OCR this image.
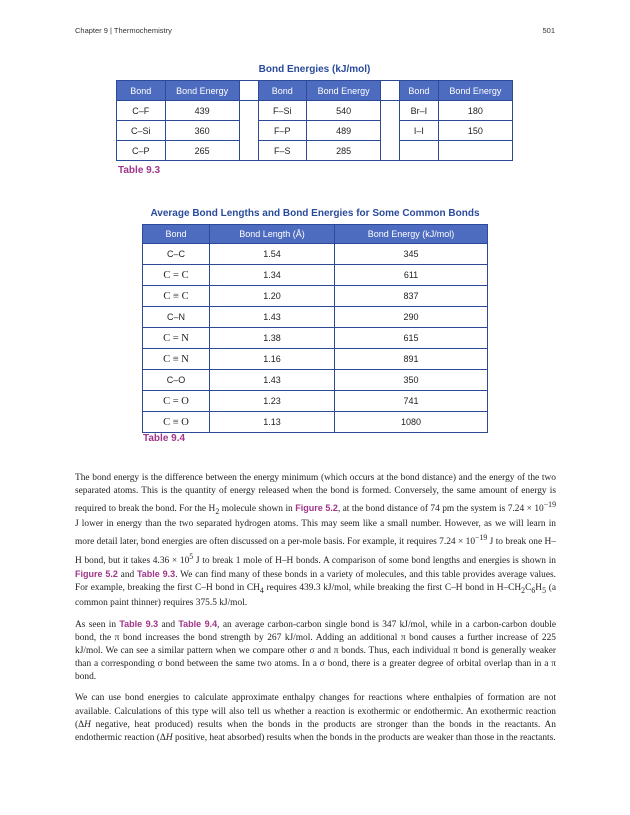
Chapter 9 | Thermochemistry	501
Bond Energies (kJ/mol)
Bond	Bond Energy		Bond	Bond Energy		Bond	Bond Energy
C–F	439		F–Si	540		Br–I	180
C–Si	360		F–P	489		I–I	150
C–P	265		F–S	285			
Table 9.3
Average Bond Lengths and Bond Energies for Some Common Bonds
Bond	Bond Length (Å)	Bond Energy (kJ/mol)
C–C	1.54	345
C = C	1.34	611
C ≡ C	1.20	837
C–N	1.43	290
C = N	1.38	615
C ≡ N	1.16	891
C–O	1.43	350
C = O	1.23	741
C ≡ O	1.13	1080
Table 9.4

The bond energy is the difference between the energy minimum (which occurs at the bond distance) and the energy of the two separated atoms. This is the quantity of energy released when the bond is formed. Conversely, the same amount of energy is required to break the bond. For the $H_2$ molecule shown in Figure 5.2, at the bond distance of 74 pm the system is $7.24 \times 10^{-19}$ J lower in energy than the two separated hydrogen atoms. This may seem like a small number. However, as we will learn in more detail later, bond energies are often discussed on a per-mole basis. For example, it requires $7.24 \times 10^{-19}$ J to break one H–H bond, but it takes $4.36 \times 10^5$ J to break 1 mole of H–H bonds. A comparison of some bond lengths and energies is shown in Figure 5.2 and Table 9.3. We can find many of these bonds in a variety of molecules, and this table provides average values. For example, breaking the first C–H bond in $CH_4$ requires 439.3 kJ/mol, while breaking the first C–H bond in $H-CH_2C_6H_5$ (a common paint thinner) requires 375.5 kJ/mol.

As seen in Table 9.3 and Table 9.4, an average carbon-carbon single bond is 347 kJ/mol, while in a carbon-carbon double bond, the π bond increases the bond strength by 267 kJ/mol. Adding an additional π bond causes a further increase of 225 kJ/mol. We can see a similar pattern when we compare other σ and π bonds. Thus, each individual π bond is generally weaker than a corresponding σ bond between the same two atoms. In a σ bond, there is a greater degree of orbital overlap than in a π bond.

We can use bond energies to calculate approximate enthalpy changes for reactions where enthalpies of formation are not available. Calculations of this type will also tell us whether a reaction is exothermic or endothermic. An exothermic reaction (ΔH negative, heat produced) results when the bonds in the products are stronger than the bonds in the reactants. An endothermic reaction (ΔH positive, heat absorbed) results when the bonds in the products are weaker than those in the reactants.
